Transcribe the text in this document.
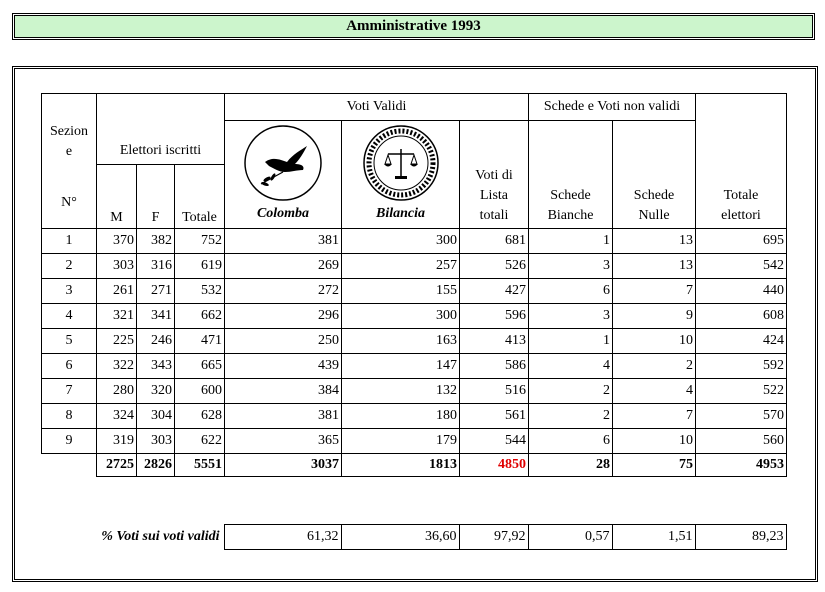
Amministrative 1993
Sezion e
N°	Elettori iscritti			Voti Validi			Schede e Voti non validi		Totale elettori

				Colomba	Bilancia	Voti di Lista totali	Schede Bianche	Schede Nulle	

	M	F	Totale						
1	370	382	752	381	300	681	1	13	695
2	303	316	619	269	257	526	3	13	542
3	261	271	532	272	155	427	6	7	440
4	321	341	662	296	300	596	3	9	608
5	225	246	471	250	163	413	1	10	424
6	322	343	665	439	147	586	4	2	592
7	280	320	600	384	132	516	2	4	522
8	324	304	628	381	180	561	2	7	570
9	319	303	622	365	179	544	6	10	560
	2725	2826	5551	3037	1813	4850	28	75	4953
% Voti sui voti validi	61,32	36,60	97,92	0,57	1,51	89,23
